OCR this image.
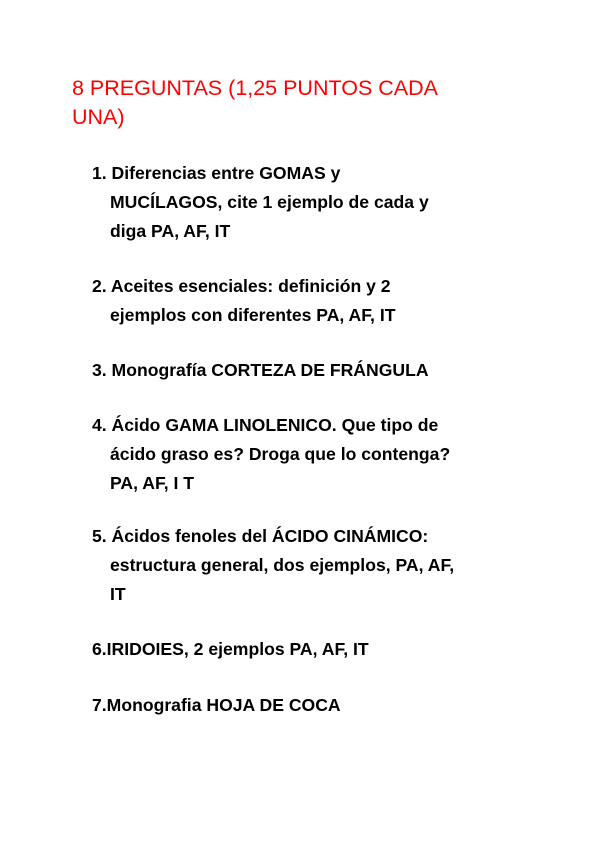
8 PREGUNTAS (1,25 PUNTOS CADA
UNA)
1. Diferencias entre GOMAS y
MUCÍLAGOS, cite 1 ejemplo de cada y
diga PA, AF, IT
2. Aceites esenciales: definición y 2
ejemplos con diferentes PA, AF, IT
3. Monografía CORTEZA DE FRÁNGULA
4. Ácido GAMA LINOLENICO. Que tipo de
ácido graso es? Droga que lo contenga?
PA, AF, I T
5. Ácidos fenoles del ÁCIDO CINÁMICO:
estructura general, dos ejemplos, PA, AF,
IT
6.IRIDOIES, 2 ejemplos PA, AF, IT
7.Monografia HOJA DE COCA
